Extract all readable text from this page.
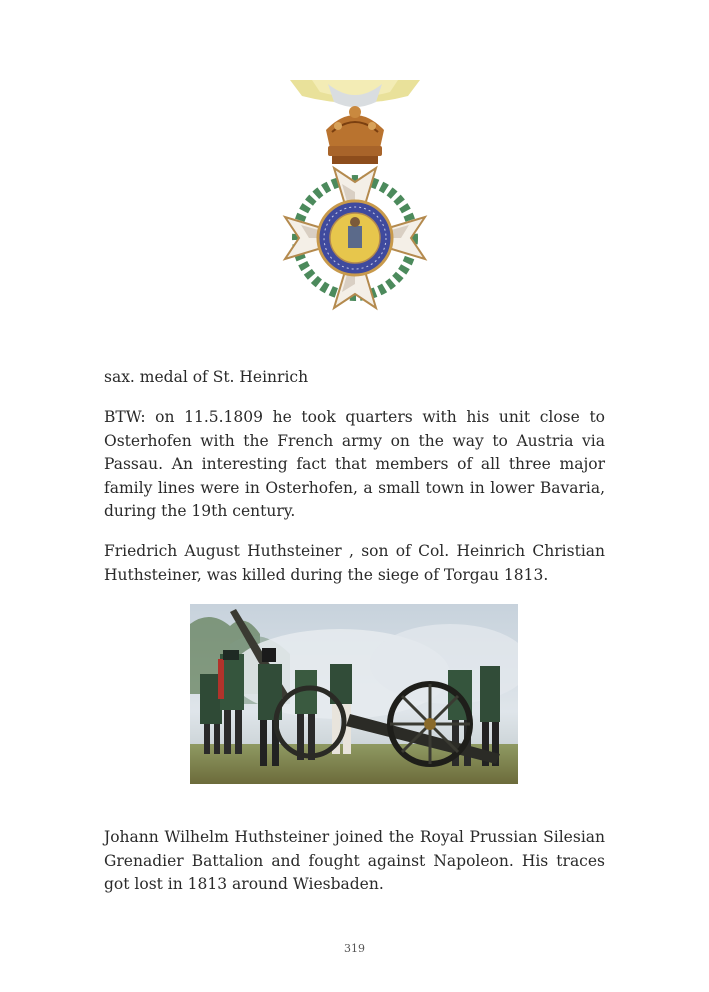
sax. medal of St. Heinrich

BTW: on 11.5.1809 he took quarters with his unit close to Osterhofen with the French army on the way to Austria via Passau. An interesting fact that members of all three major family lines were in Osterhofen, a small town in lower Bavaria, during the 19th century.

Friedrich August Huthsteiner , son of Col. Heinrich Christian Huthsteiner, was killed during the siege of Torgau 1813.

Johann Wilhelm Huthsteiner joined the Royal Prussian Silesian Grenadier Battalion and fought against Napoleon. His traces got lost in 1813 around Wiesbaden.

319
